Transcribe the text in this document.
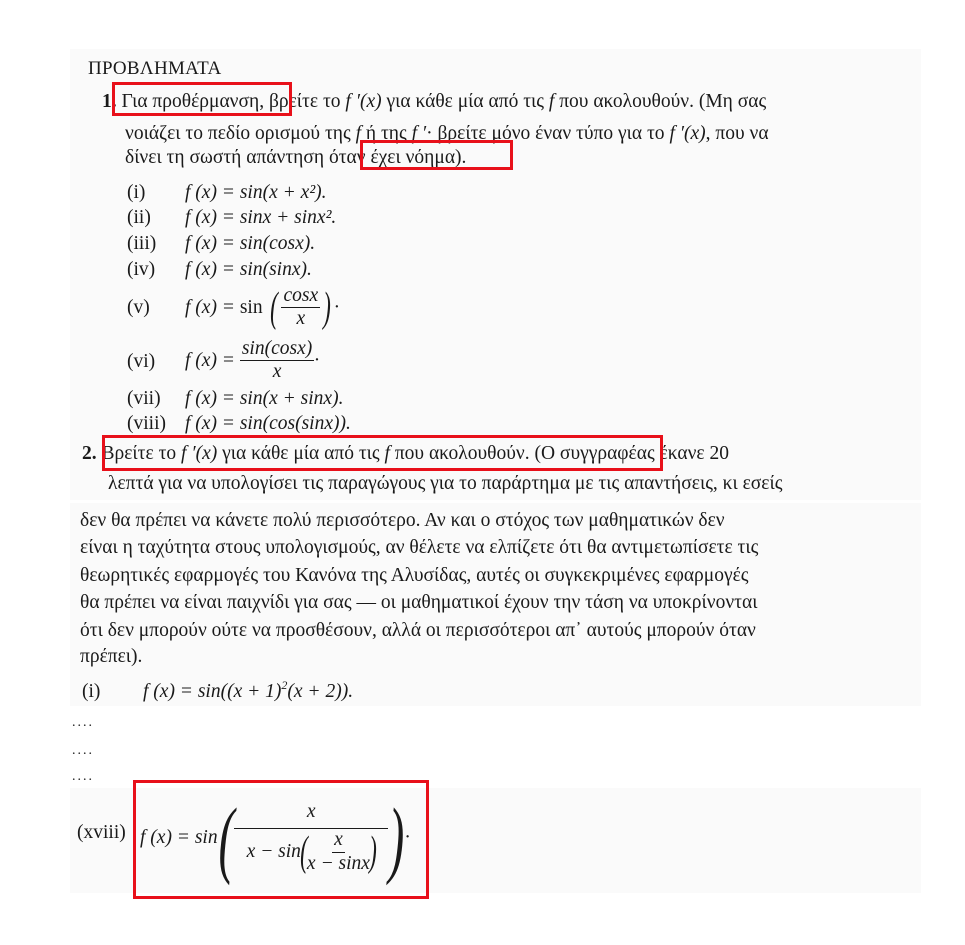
ΠΡΟΒΛΗΜΑΤΑ
1. Για προθέρμανση, βρείτε το f ′(x) για κάθε μία από τις f που ακολουθούν. (Μη σας
νοιάζει το πεδίο ορισμού της f ή της f ′· βρείτε μόνο έναν τύπο για το f ′(x), που να
δίνει τη σωστή απάντηση όταν έχει νόημα).
(i) f (x) = sin(x + x²).
(ii) f (x) = sinx + sinx².
(iii) f (x) = sin(cosx).
(iv) f (x) = sin(sinx).
(v) f (x) =
sin
( $\frac{\cos x}{x}$ ) ·
(vi) f (x) =
$\frac{\sin(\cos x)}{x}$ ·
(vii) f (x) = sin(x + sinx).
(viii) f (x) = sin(cos(sinx)).
2. Βρείτε το f ′(x) για κάθε μία από τις f που ακολουθούν. (Ο συγγραφέας έκανε 20
λεπτά για να υπολογίσει τις παραγώγους για το παράρτημα με τις απαντήσεις, κι εσείς
δεν θα πρέπει να κάνετε πολύ περισσότερο. Αν και ο στόχος των μαθηματικών δεν
είναι η ταχύτητα στους υπολογισμούς, αν θέλετε να ελπίζετε ότι θα αντιμετωπίσετε τις
θεωρητικές εφαρμογές του Κανόνα της Αλυσίδας, αυτές οι συγκεκριμένες εφαρμογές
θα πρέπει να είναι παιχνίδι για σας — οι μαθηματικοί έχουν την τάση να υποκρίνονται
ότι δεν μπορούν ούτε να προσθέσουν, αλλά οι περισσότεροι απ᾽ αυτούς μπορούν όταν
πρέπει).
(i) f $(x) = \sin((x + 1)^2(x + 2))$.
....
....
....
(xviii) f (x) = sin (	x
x − sin ( $\frac{x}{x - \sin x}$ ) ) ·
